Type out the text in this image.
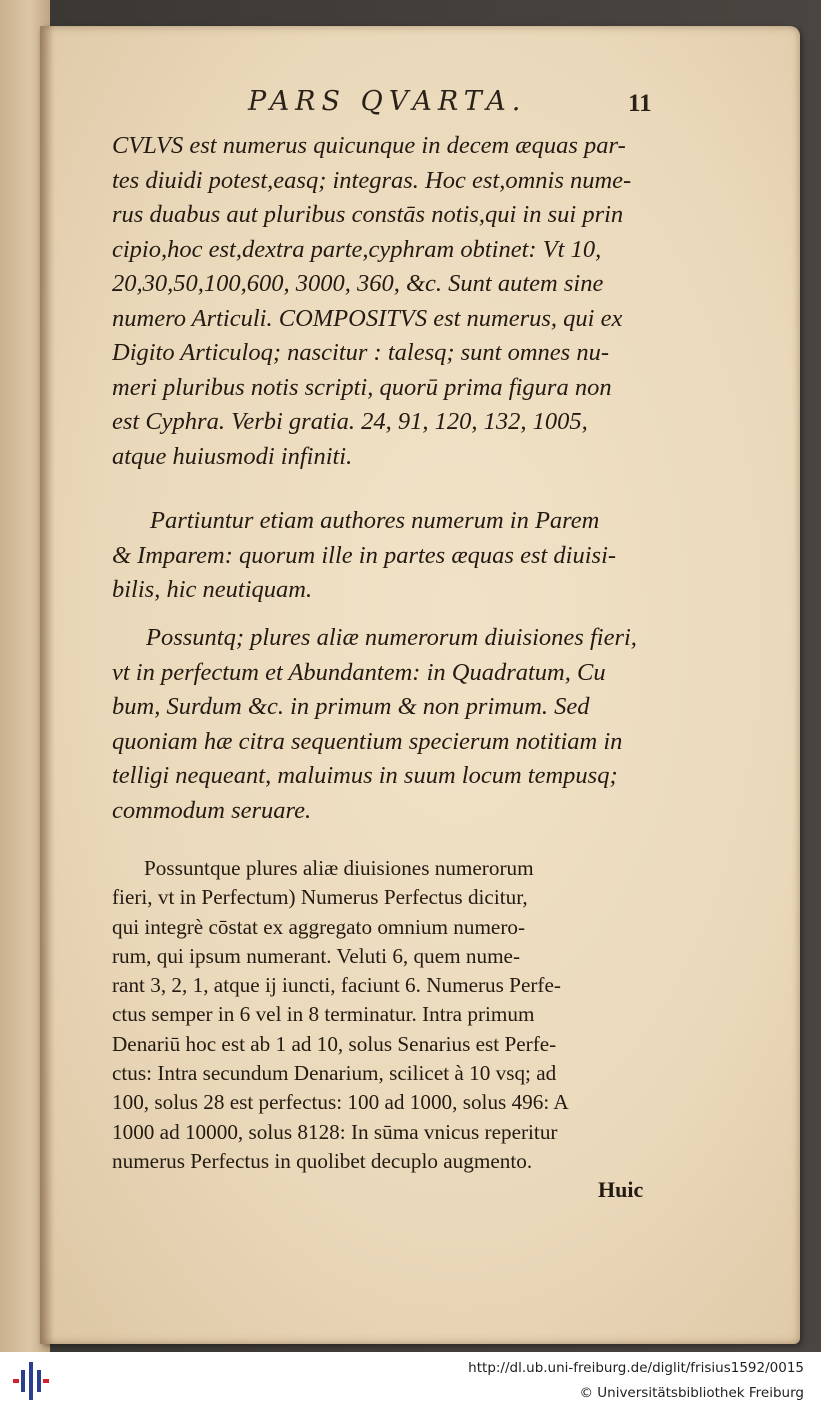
PARS QVARTA.	11
CVLVS est numerus quicunque in decem æquas par-
tes diuidi potest,easq; integras. Hoc est,omnis nume-
rus duabus aut pluribus constās notis,qui in sui prin
cipio,hoc est,dextra parte,cyphram obtinet: Vt 10,
20,30,50,100,600, 3000, 360, &c. Sunt autem sine
numero Articuli. COMPOSITVS est numerus, qui ex
Digito Articuloq; nascitur : talesq; sunt omnes nu-
meri pluribus notis scripti, quorū prima figura non
est Cyphra. Verbi gratia. 24, 91, 120, 132, 1005,
atque huiusmodi infiniti.
Partiuntur etiam authores numerum in Parem
& Imparem: quorum ille in partes æquas est diuisi-
bilis, hic neutiquam.
Possuntq; plures aliæ numerorum diuisiones fieri,
vt in perfectum et Abundantem: in Quadratum, Cu
bum, Surdum &c. in primum & non primum. Sed
quoniam hæ citra sequentium specierum notitiam in
telligi nequeant, maluimus in suum locum tempusq;
commodum seruare.
Possuntque plures aliæ diuisiones numerorum
fieri, vt in Perfectum) Numerus Perfectus dicitur,
qui integrè cōstat ex aggregato omnium numero-
rum, qui ipsum numerant. Veluti 6, quem nume-
rant 3, 2, 1, atque ij iuncti, faciunt 6. Numerus Perfe-
ctus semper in 6 vel in 8 terminatur. Intra primum
Denariū hoc est ab 1 ad 10, solus Senarius est Perfe-
ctus: Intra secundum Denarium, scilicet à 10 vsq; ad
100, solus 28 est perfectus: 100 ad 1000, solus 496: A
1000 ad 10000, solus 8128: In sūma vnicus reperitur
numerus Perfectus in quolibet decuplo augmento.
Huic
http://dl.ub.uni-freiburg.de/diglit/frisius1592/0015
© Universitätsbibliothek Freiburg
